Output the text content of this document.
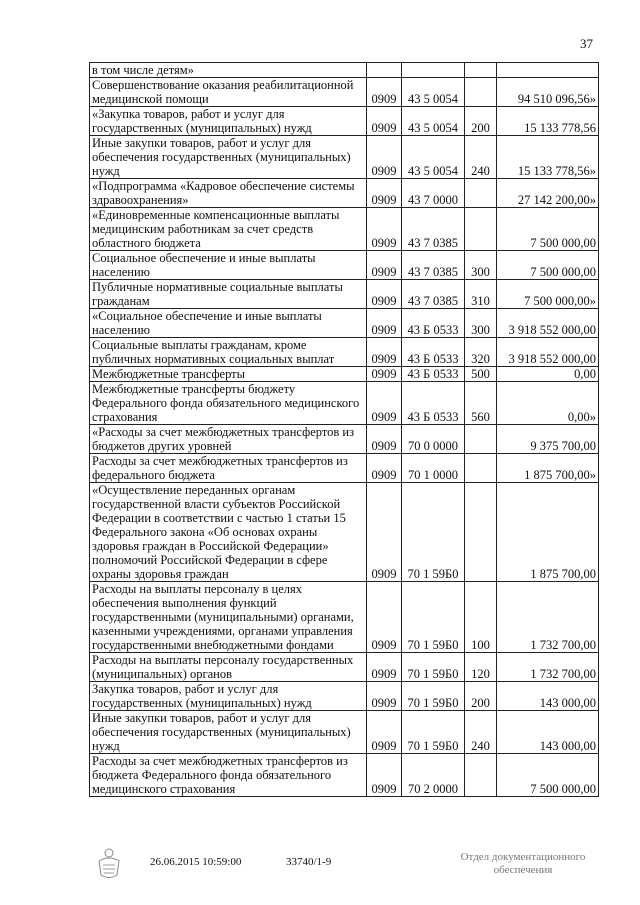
37
в том числе детям»				
Совершенствование оказания реабилитационной медицинской помощи	0909	43 5 0054		94 510 096,56»
«Закупка товаров, работ и услуг для государственных (муниципальных) нужд	0909	43 5 0054	200	15 133 778,56
Иные закупки товаров, работ и услуг для обеспечения государственных (муниципальных) нужд	0909	43 5 0054	240	15 133 778,56»
«Подпрограмма «Кадровое обеспечение системы здравоохранения»	0909	43 7 0000		27 142 200,00»
«Единовременные компенсационные выплаты медицинским работникам за счет средств областного бюджета	0909	43 7 0385		7 500 000,00
Социальное обеспечение и иные выплаты населению	0909	43 7 0385	300	7 500 000,00
Публичные нормативные социальные выплаты гражданам	0909	43 7 0385	310	7 500 000,00»
«Социальное обеспечение и иные выплаты населению	0909	43 Б 0533	300	3 918 552 000,00
Социальные выплаты гражданам, кроме публичных нормативных социальных выплат	0909	43 Б 0533	320	3 918 552 000,00
Межбюджетные трансферты	0909	43 Б 0533	500	0,00
Межбюджетные трансферты бюджету Федерального фонда обязательного медицинского страхования	0909	43 Б 0533	560	0,00»
«Расходы за счет межбюджетных трансфертов из бюджетов других уровней	0909	70 0 0000		9 375 700,00
Расходы за счет межбюджетных трансфертов из федерального бюджета	0909	70 1 0000		1 875 700,00»
«Осуществление переданных органам государственной власти субъектов Российской Федерации в соответствии с частью 1 статьи 15 Федерального закона «Об основах охраны здоровья граждан в Российской Федерации» полномочий Российской Федерации в сфере охраны здоровья граждан	0909	70 1 59Б0		1 875 700,00
Расходы на выплаты персоналу в целях обеспечения выполнения функций государственными (муниципальными) органами, казенными учреждениями, органами управления государственными внебюджетными фондами	0909	70 1 59Б0	100	1 732 700,00
Расходы на выплаты персоналу государственных (муниципальных) органов	0909	70 1 59Б0	120	1 732 700,00
Закупка товаров, работ и услуг для государственных (муниципальных) нужд	0909	70 1 59Б0	200	143 000,00
Иные закупки товаров, работ и услуг для обеспечения государственных (муниципальных) нужд	0909	70 1 59Б0	240	143 000,00
Расходы за счет межбюджетных трансфертов из бюджета Федерального фонда обязательного медицинского страхования	0909	70 2 0000		7 500 000,00
26.06.2015 10:59:00	33740/1-9	Отдел документационного
обеспечения
